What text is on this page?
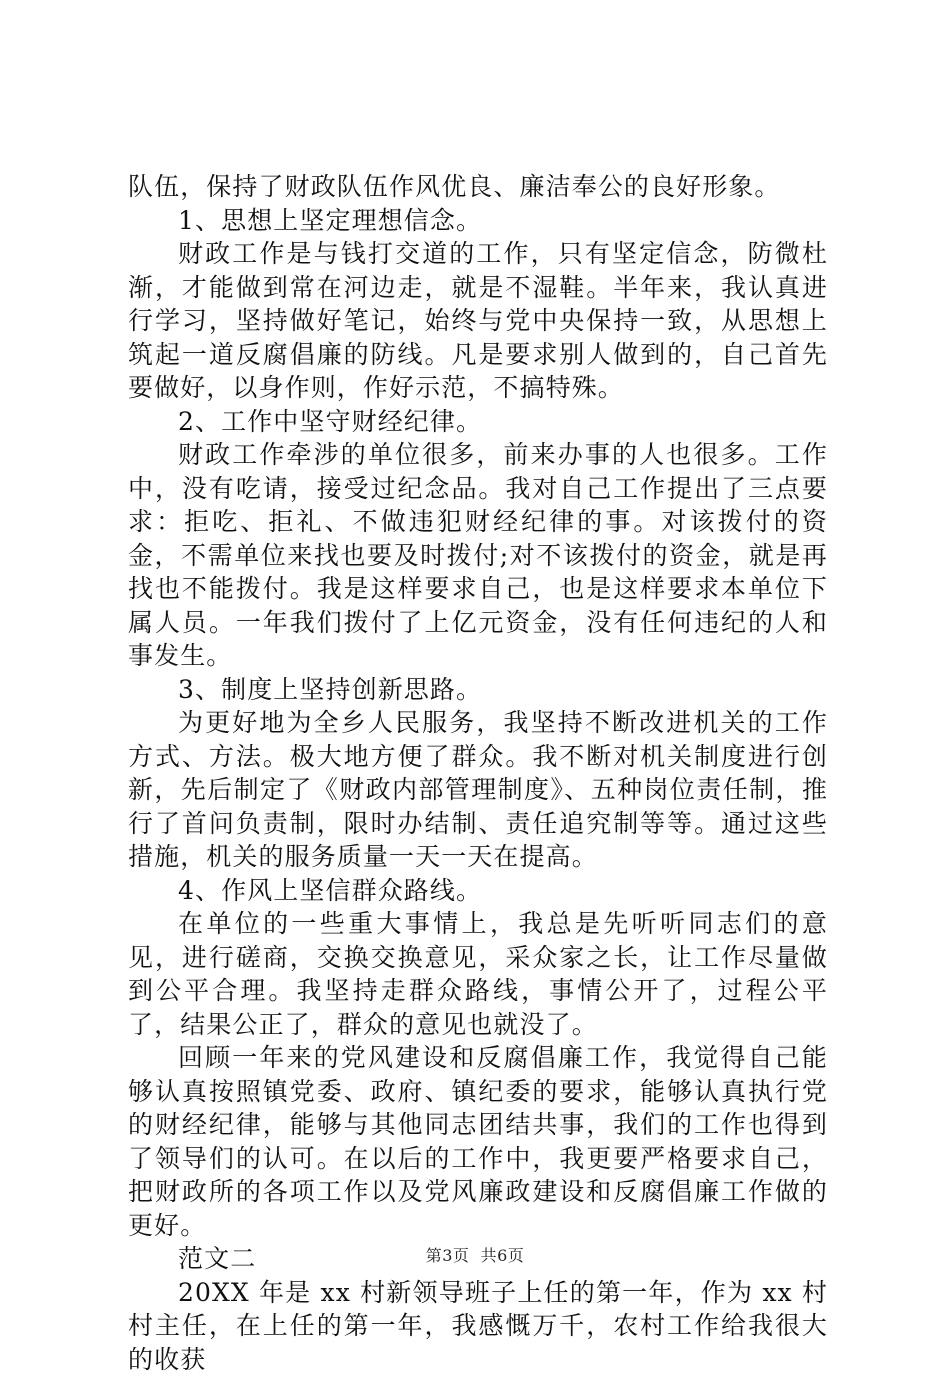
队伍，保持了财政队伍作风优良、廉洁奉公的良好形象。

1、思想上坚定理想信念。

财政工作是与钱打交道的工作，只有坚定信念，防微杜渐，才能做到常在河边走，就是不湿鞋。半年来，我认真进行学习，坚持做好笔记，始终与党中央保持一致，从思想上筑起一道反腐倡廉的防线。凡是要求别人做到的，自己首先要做好，以身作则，作好示范，不搞特殊。

2、工作中坚守财经纪律。

财政工作牵涉的单位很多，前来办事的人也很多。工作中，没有吃请，接受过纪念品。我对自己工作提出了三点要求：拒吃、拒礼、不做违犯财经纪律的事。对该拨付的资金，不需单位来找也要及时拨付;对不该拨付的资金，就是再找也不能拨付。我是这样要求自己，也是这样要求本单位下属人员。一年我们拨付了上亿元资金，没有任何违纪的人和事发生。

3、制度上坚持创新思路。

为更好地为全乡人民服务，我坚持不断改进机关的工作方式、方法。极大地方便了群众。我不断对机关制度进行创新，先后制定了《财政内部管理制度》、五种岗位责任制，推行了首问负责制，限时办结制、责任追究制等等。通过这些措施，机关的服务质量一天一天在提高。

4、作风上坚信群众路线。

在单位的一些重大事情上，我总是先听听同志们的意见，进行磋商，交换交换意见，采众家之长，让工作尽量做到公平合理。我坚持走群众路线，事情公开了，过程公平了，结果公正了，群众的意见也就没了。

回顾一年来的党风建设和反腐倡廉工作，我觉得自己能够认真按照镇党委、政府、镇纪委的要求，能够认真执行党的财经纪律，能够与其他同志团结共事，我们的工作也得到了领导们的认可。在以后的工作中，我更要严格要求自己，把财政所的各项工作以及党风廉政建设和反腐倡廉工作做的更好。

范文二

20XX 年是 xx 村新领导班子上任的第一年，作为 xx 村村主任，在上任的第一年，我感慨万千，农村工作给我很大的收获

第3页  共6页
